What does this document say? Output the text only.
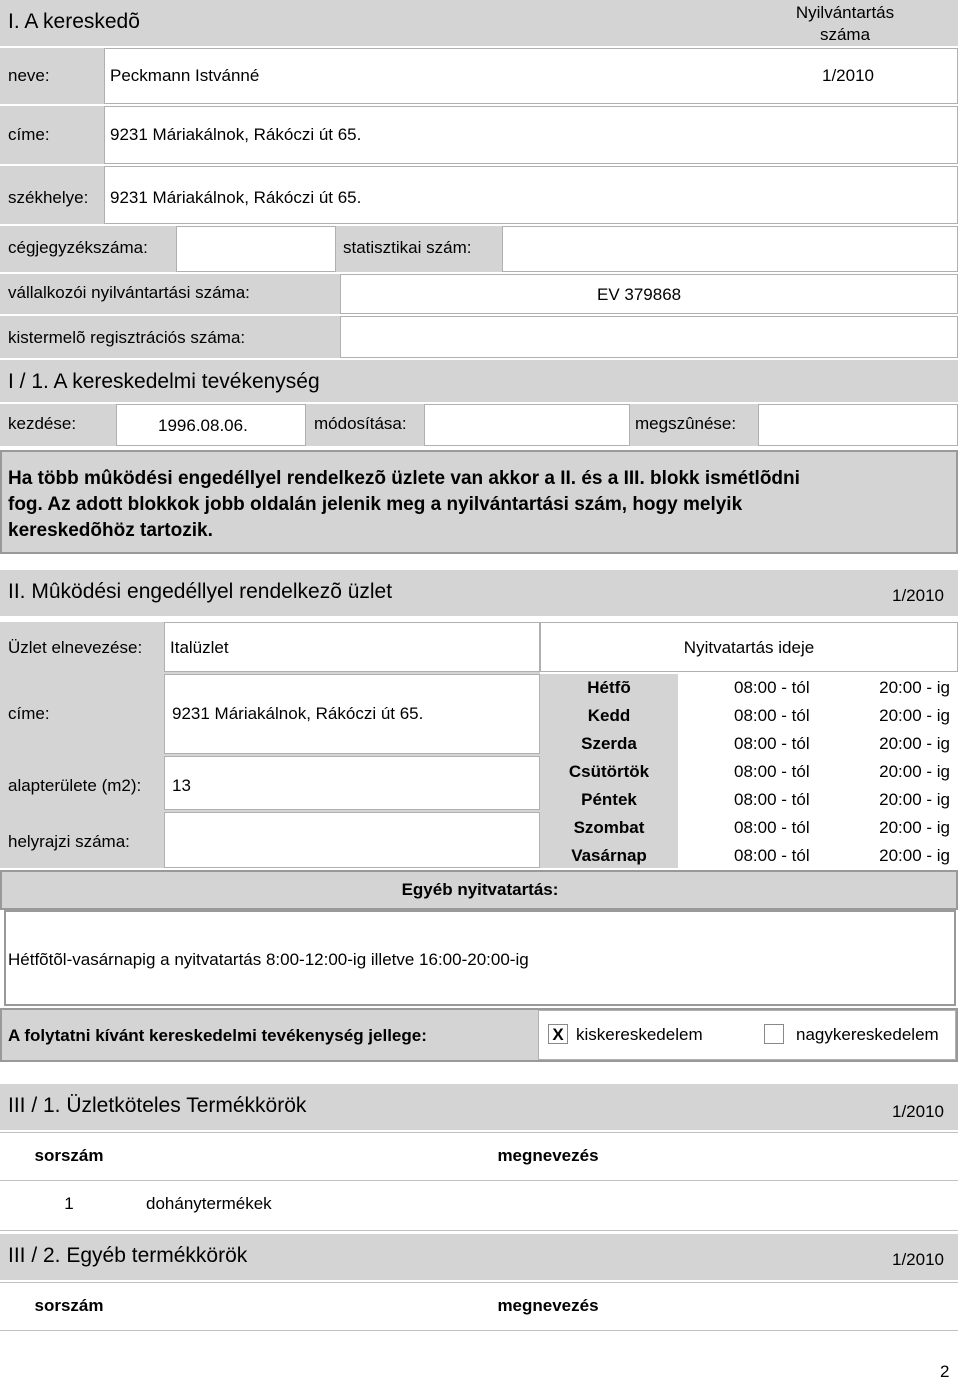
I. A kereskedõ	Nyilvántartás
száma
neve:	Peckmann Istvánné	1/2010
címe:	9231 Máriakálnok, Rákóczi út 65.
székhelye: 9231 Máriakálnok, Rákóczi út 65.
cégjegyzékszáma:	statisztikai szám:
vállalkozói nyilvántartási száma:	EV 379868
kistermelõ regisztrációs száma:
I / 1. A kereskedelmi tevékenység
kezdése:	1996.08.06.	módosítása:	megszûnése:
Ha több mûködési engedéllyel rendelkezõ üzlete van akkor a II. és a III. blokk ismétlõdni
fog. Az adott blokkok jobb oldalán jelenik meg a nyilvántartási szám, hogy melyik
kereskedõhöz tartozik.
II. Mûködési engedéllyel rendelkezõ üzlet	1/2010
Üzlet elnevezése: Italüzlet
címe:	9231 Máriakálnok, Rákóczi út 65.
alapterülete (m2): 13
helyrajzi száma:
Nyitvatartás ideje
Hétfõ	08:00 - tól	20:00 - ig
Kedd	08:00 - tól	20:00 - ig
Szerda	08:00 - tól	20:00 - ig
Csütörtök	08:00 - tól	20:00 - ig
Péntek	08:00 - tól	20:00 - ig
Szombat	08:00 - tól	20:00 - ig
Vasárnap	08:00 - tól	20:00 - ig
Egyéb nyitvatartás:
Hétfõtõl-vasárnapig a nyitvatartás 8:00-12:00-ig illetve 16:00-20:00-ig
A folytatni kívánt kereskedelmi tevékenység jellege:	X kiskereskedelem	nagykereskedelem
III / 1. Üzletköteles Termékkörök	1/2010
sorszám	megnevezés
1	dohánytermékek
III / 2. Egyéb termékkörök	1/2010
sorszám	megnevezés
2
